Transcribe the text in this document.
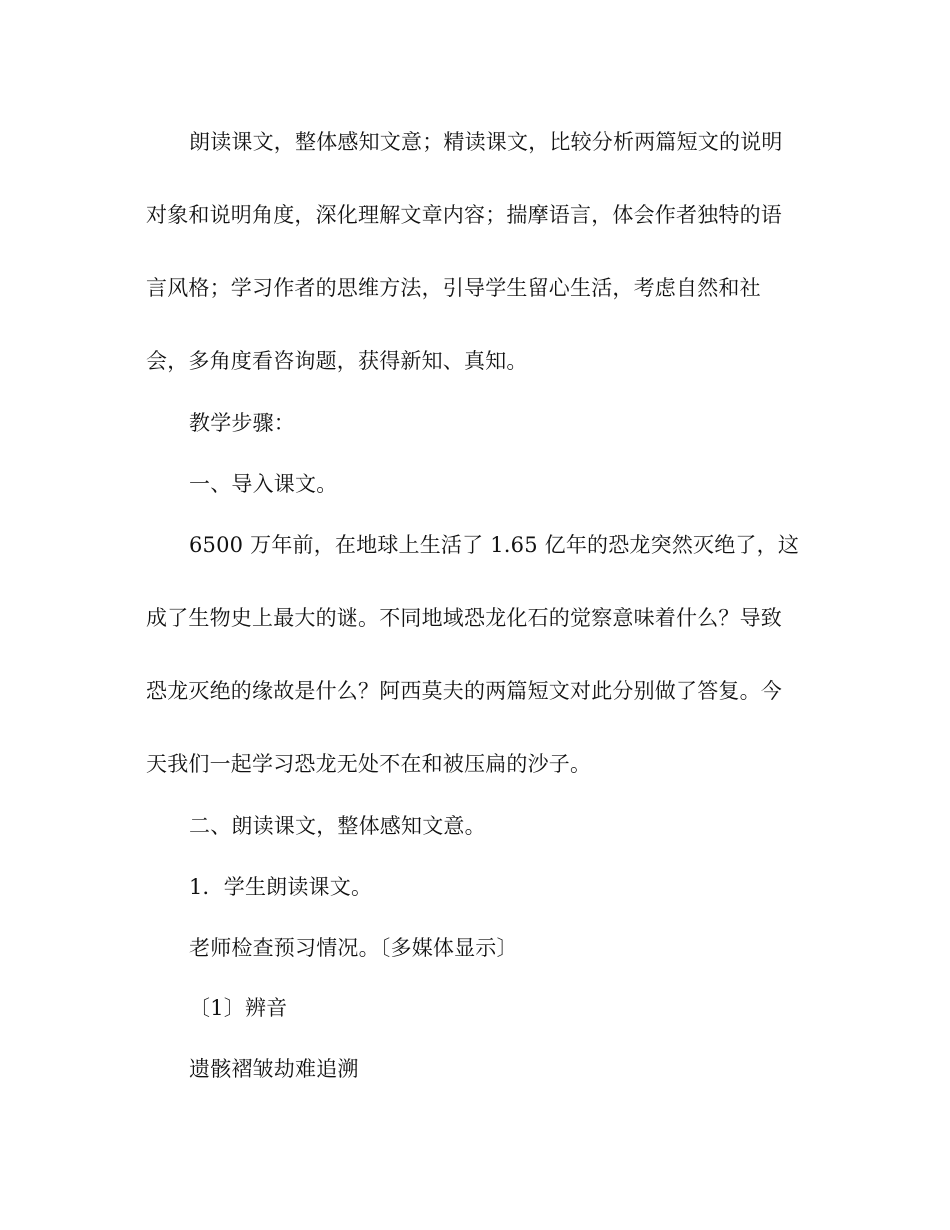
朗读课文，整体感知文意；精读课文，比较分析两篇短文的说明
对象和说明角度，深化理解文章内容；揣摩语言，体会作者独特的语
言风格；学习作者的思维方法，引导学生留心生活，考虑自然和社
会，多角度看咨询题，获得新知、真知。
教学步骤：
一、导入课文。
6500 万年前，在地球上生活了 1.65 亿年的恐龙突然灭绝了，这
成了生物史上最大的谜。不同地域恐龙化石的觉察意味着什么？导致
恐龙灭绝的缘故是什么？阿西莫夫的两篇短文对此分别做了答复。今
天我们一起学习恐龙无处不在和被压扁的沙子。
二、朗读课文，整体感知文意。
1．学生朗读课文。
老师检查预习情况。〔多媒体显示〕
〔1〕辨音
遗骸褶皱劫难追溯
